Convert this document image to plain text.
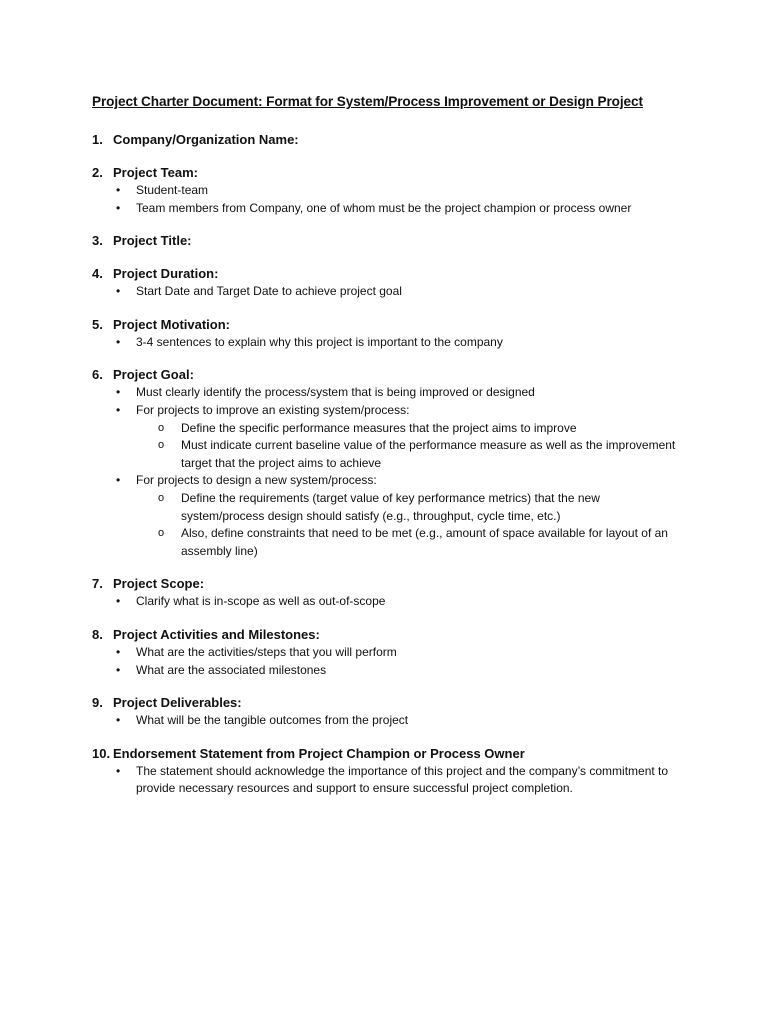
Project Charter Document: Format for System/Process Improvement or Design Project
1. Company/Organization Name:
2. Project Team:
• Student-team
• Team members from Company, one of whom must be the project champion or process owner
3. Project Title:
4. Project Duration:
• Start Date and Target Date to achieve project goal
5. Project Motivation:
• 3-4 sentences to explain why this project is important to the company
6. Project Goal:
• Must clearly identify the process/system that is being improved or designed
• For projects to improve an existing system/process:
o Define the specific performance measures that the project aims to improve
o Must indicate current baseline value of the performance measure as well as the improvement target that the project aims to achieve
• For projects to design a new system/process:
o Define the requirements (target value of key performance metrics) that the new system/process design should satisfy (e.g., throughput, cycle time, etc.)
o Also, define constraints that need to be met (e.g., amount of space available for layout of an assembly line)
7. Project Scope:
• Clarify what is in-scope as well as out-of-scope
8. Project Activities and Milestones:
• What are the activities/steps that you will perform
• What are the associated milestones
9. Project Deliverables:
• What will be the tangible outcomes from the project
10. Endorsement Statement from Project Champion or Process Owner
• The statement should acknowledge the importance of this project and the company’s commitment to provide necessary resources and support to ensure successful project completion.
